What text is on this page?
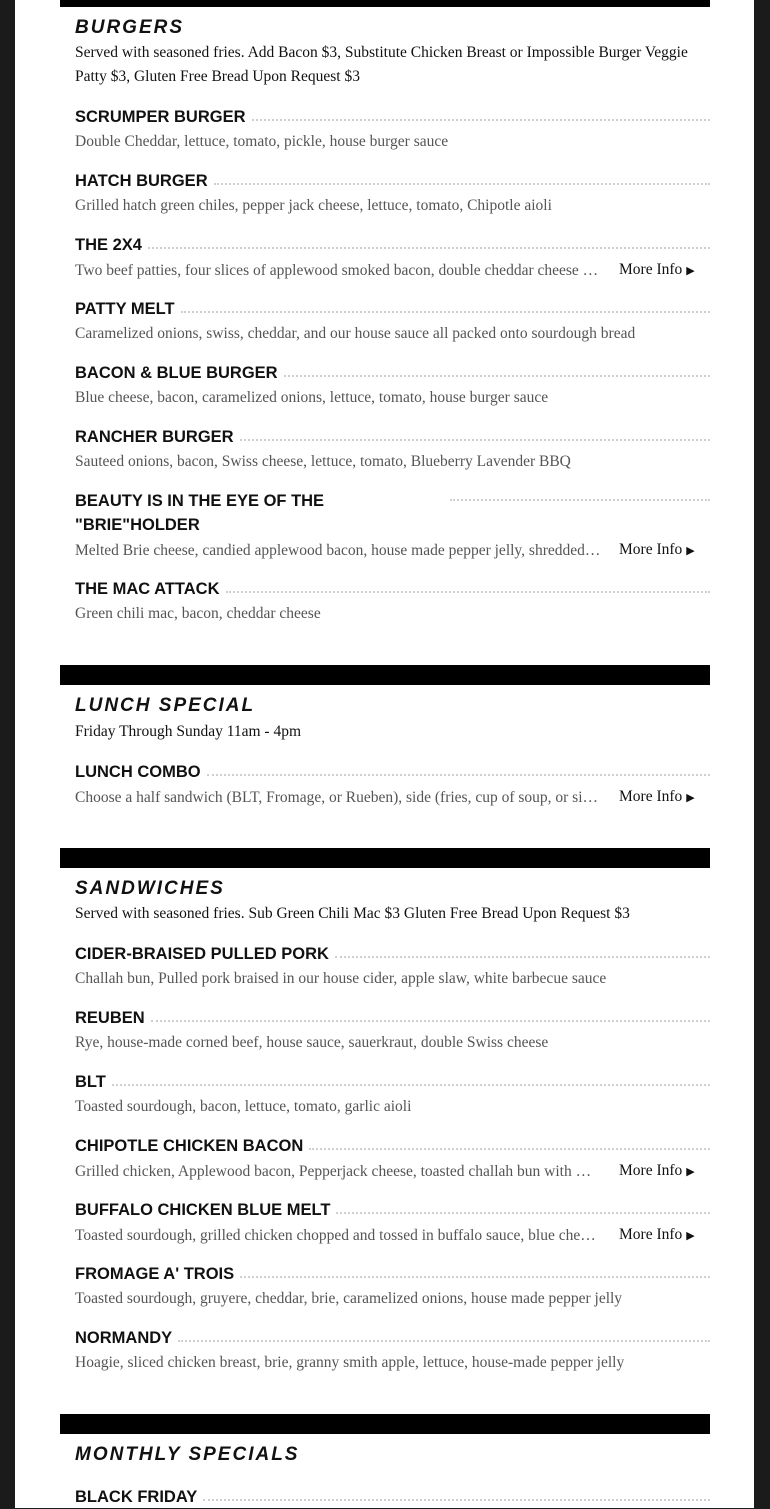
BURGERS

Served with seasoned fries. Add Bacon $3, Substitute Chicken Breast or Impossible Burger Veggie Patty $3, Gluten Free Bread Upon Request $3

SCRUMPER BURGER
Double Cheddar, lettuce, tomato, pickle, house burger sauce
HATCH BURGER
Grilled hatch green chiles, pepper jack cheese, lettuce, tomato, Chipotle aioli
THE 2X4
Two beef patties, four slices of applewood smoked bacon, double cheddar cheese …	More Info ▶
PATTY MELT
Caramelized onions, swiss, cheddar, and our house sauce all packed onto sourdough bread
BACON & BLUE BURGER
Blue cheese, bacon, caramelized onions, lettuce, tomato, house burger sauce
RANCHER BURGER
Sauteed onions, bacon, Swiss cheese, lettuce, tomato, Blueberry Lavender BBQ
BEAUTY IS IN THE EYE OF THE "BRIE"HOLDER
Melted Brie cheese, candied applewood bacon, house made pepper jelly, shredded…	More Info ▶
THE MAC ATTACK
Green chili mac, bacon, cheddar cheese
LUNCH SPECIAL

Friday Through Sunday 11am - 4pm

LUNCH COMBO
Choose a half sandwich (BLT, Fromage, or Rueben), side (fries, cup of soup, or si…	More Info ▶
SANDWICHES

Served with seasoned fries. Sub Green Chili Mac $3 Gluten Free Bread Upon Request $3

CIDER-BRAISED PULLED PORK
Challah bun, Pulled pork braised in our house cider, apple slaw, white barbecue sauce
REUBEN
Rye, house-made corned beef, house sauce, sauerkraut, double Swiss cheese
BLT
Toasted sourdough, bacon, lettuce, tomato, garlic aioli
CHIPOTLE CHICKEN BACON
Grilled chicken, Applewood bacon, Pepperjack cheese, toasted challah bun with …	More Info ▶
BUFFALO CHICKEN BLUE MELT
Toasted sourdough, grilled chicken chopped and tossed in buffalo sauce, blue che…	More Info ▶
FROMAGE A' TROIS
Toasted sourdough, gruyere, cheddar, brie, caramelized onions, house made pepper jelly
NORMANDY
Hoagie, sliced chicken breast, brie, granny smith apple, lettuce, house-made pepper jelly
MONTHLY SPECIALS
BLACK FRIDAY
